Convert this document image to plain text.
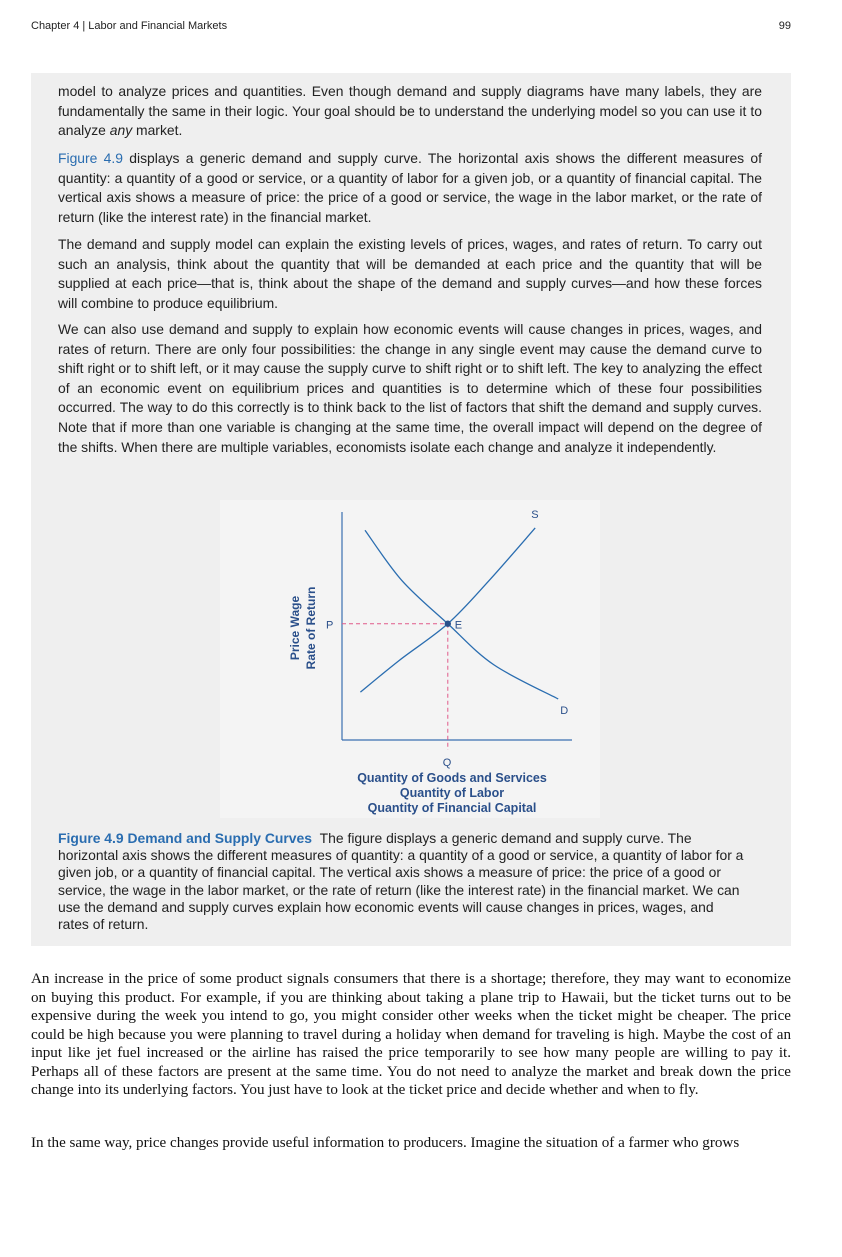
Chapter 4 | Labor and Financial Markets	99

model to analyze prices and quantities. Even though demand and supply diagrams have many labels, they are fundamentally the same in their logic. Your goal should be to understand the underlying model so you can use it to analyze any market.

Figure 4.9 displays a generic demand and supply curve. The horizontal axis shows the different measures of quantity: a quantity of a good or service, or a quantity of labor for a given job, or a quantity of financial capital. The vertical axis shows a measure of price: the price of a good or service, the wage in the labor market, or the rate of return (like the interest rate) in the financial market.

The demand and supply model can explain the existing levels of prices, wages, and rates of return. To carry out such an analysis, think about the quantity that will be demanded at each price and the quantity that will be supplied at each price—that is, think about the shape of the demand and supply curves—and how these forces will combine to produce equilibrium.

We can also use demand and supply to explain how economic events will cause changes in prices, wages, and rates of return. There are only four possibilities: the change in any single event may cause the demand curve to shift right or to shift left, or it may cause the supply curve to shift right or to shift left. The key to analyzing the effect of an economic event on equilibrium prices and quantities is to determine which of these four possibilities occurred. The way to do this correctly is to think back to the list of factors that shift the demand and supply curves. Note that if more than one variable is changing at the same time, the overall impact will depend on the degree of the shifts. When there are multiple variables, economists isolate each change and analyze it independently.

E
P
Q
S
D
Price Wage Rate of Return
Quantity of Goods and Services
Quantity of Labor
Quantity of Financial Capital

Figure 4.9 Demand and Supply Curves The figure displays a generic demand and supply curve. The horizontal axis shows the different measures of quantity: a quantity of a good or service, a quantity of labor for a given job, or a quantity of financial capital. The vertical axis shows a measure of price: the price of a good or service, the wage in the labor market, or the rate of return (like the interest rate) in the financial market. We can use the demand and supply curves explain how economic events will cause changes in prices, wages, and rates of return.

An increase in the price of some product signals consumers that there is a shortage; therefore, they may want to economize on buying this product. For example, if you are thinking about taking a plane trip to Hawaii, but the ticket turns out to be expensive during the week you intend to go, you might consider other weeks when the ticket might be cheaper. The price could be high because you were planning to travel during a holiday when demand for traveling is high. Maybe the cost of an input like jet fuel increased or the airline has raised the price temporarily to see how many people are willing to pay it. Perhaps all of these factors are present at the same time. You do not need to analyze the market and break down the price change into its underlying factors. You just have to look at the ticket price and decide whether and when to fly.

In the same way, price changes provide useful information to producers. Imagine the situation of a farmer who grows
